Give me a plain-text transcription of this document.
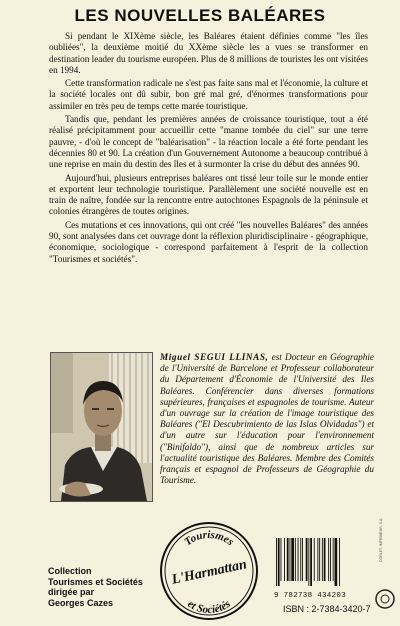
LES NOUVELLES BALÉARES

Si pendant le XIXème siècle, les Baléares étaient définies comme "les îles oubliées", la deuxième moitié du XXème siècle les a vues se transformer en destination leader du tourisme européen. Plus de 8 millions de touristes les ont visitées en 1994.

Cette transformation radicale ne s'est pas faite sans mal et l'économie, la culture et la société locales ont dû subir, bon gré mal gré, d'énormes transformations pour assimiler en très peu de temps cette marée touristique.

Tandis que, pendant les premières années de croissance touristique, tout a été réalisé précipitamment pour accueillir cette "manne tombée du ciel" sur une terre pauvre, - d'où le concept de "baléarisation" - la réaction locale a été forte pendant les décennies 80 et 90. La création d'un Gouvernement Autonome a beaucoup contribué à une reprise en main du destin des îles et à surmonter la crise du début des années 90.

Aujourd'hui, plusieurs entreprises baléares ont tissé leur toile sur le monde entier et exportent leur technologie touristique. Parallèlement une société nouvelle est en train de naître, fondée sur la rencontre entre autochtones Espagnols de la péninsule et colonies étrangères de toutes origines.

Ces mutations et ces innovations, qui ont créé "les nouvelles Baléares" des années 90, sont analysées dans cet ouvrage dont la réflexion pluridisciplinaire - géographique, économique, sociologique - correspond parfaitement à l'esprit de la collection "Tourismes et sociétés".

Miguel SEGUI LLINAS, est Docteur en Géographie de l'Université de Barcelone et Professeur collaborateur du Département d'Économie de l'Université des Iles Baléares. Conférencier dans diverses formations supérieures, françaises et espagnoles de tourisme. Auteur d'un ouvrage sur la création de l'image touristique des Baléares ("El Descubrimiento de las Islas Olvidadas") et d'un autre sur l'éducation pour l'environnement ("Binifaldo"), ainsi que de nombreux articles sur l'actualité touristique des Baléares. Membre des Comités français et espagnol de Professeurs de Géographie du Tourisme.
Collection
Tourismes et Sociétés
dirigée par
Georges Cazes
Tourismes
L'Harmattan
et Sociétés
9 782738 434203
ISBN : 2-7384-3420-7
CORLET, IMPRIMEUR, S.A.
